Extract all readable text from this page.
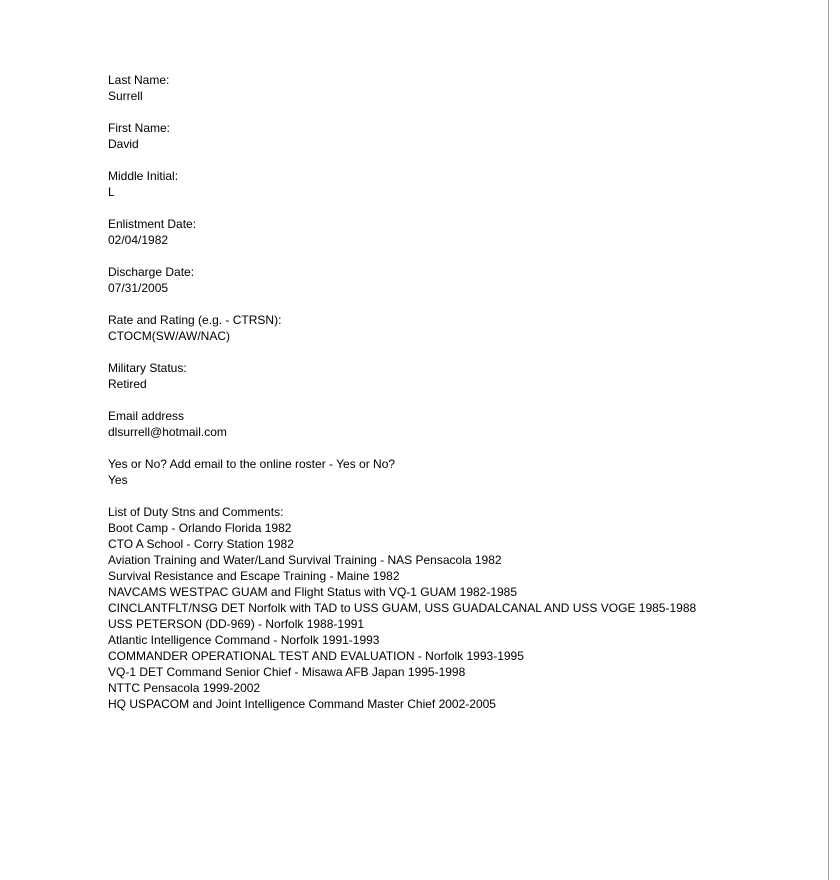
Last Name:
Surrell
First Name:
David
Middle Initial:
L
Enlistment Date:
02/04/1982
Discharge Date:
07/31/2005
Rate and Rating (e.g. - CTRSN):
CTOCM(SW/AW/NAC)
Military Status:
Retired
Email address
dlsurrell@hotmail.com
Yes or No? Add email to the online roster - Yes or No?
Yes
List of Duty Stns and Comments:
Boot Camp - Orlando Florida 1982
CTO A School - Corry Station 1982
Aviation Training and Water/Land Survival Training - NAS Pensacola 1982
Survival Resistance and Escape Training - Maine 1982
NAVCAMS WESTPAC GUAM and Flight Status with VQ-1 GUAM 1982-1985
CINCLANTFLT/NSG DET Norfolk with TAD to USS GUAM, USS GUADALCANAL AND USS VOGE 1985-1988
USS PETERSON (DD-969) - Norfolk 1988-1991
Atlantic Intelligence Command - Norfolk 1991-1993
COMMANDER OPERATIONAL TEST AND EVALUATION - Norfolk 1993-1995
VQ-1 DET Command Senior Chief - Misawa AFB Japan 1995-1998
NTTC Pensacola 1999-2002
HQ USPACOM and Joint Intelligence Command Master Chief 2002-2005
